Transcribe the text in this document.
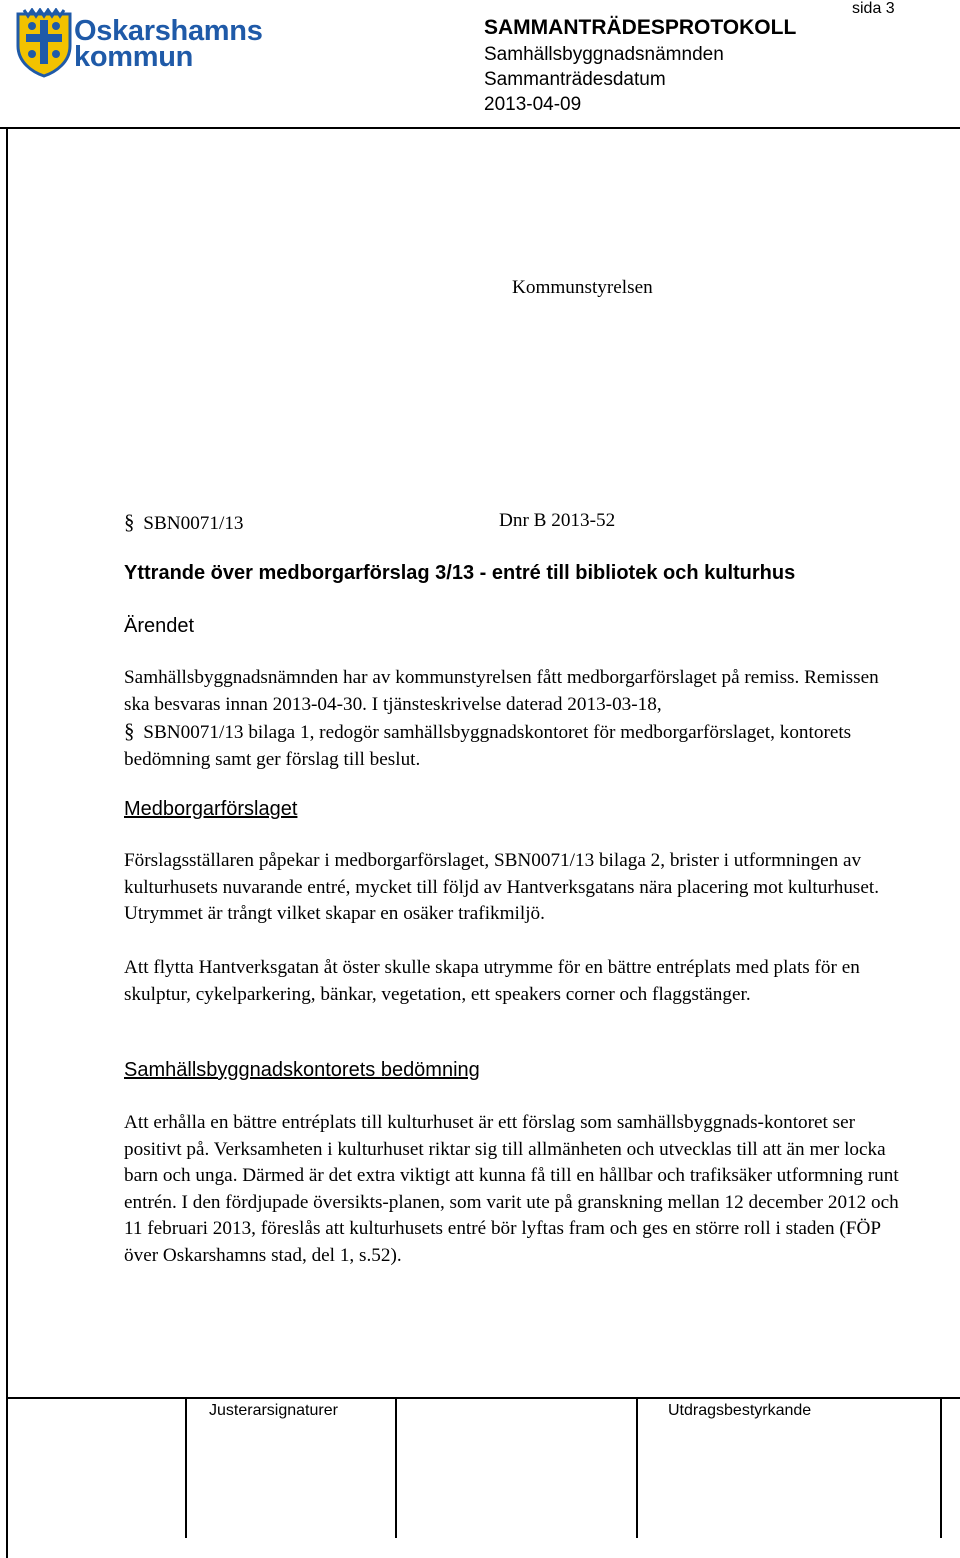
Oskarshamns
kommun
SAMMANTRÄDESPROTOKOLL
Samhällsbyggnadsnämnden
Sammanträdesdatum
2013-04-09
sida 3
Kommunstyrelsen
§ SBN0071/13	Dnr B 2013-52
Yttrande över medborgarförslag 3/13 - entré till bibliotek och kulturhus
Ärendet
Samhällsbyggnadsnämnden har av kommunstyrelsen fått medborgarförslaget på remiss. Remissen ska besvaras innan 2013-04-30. I tjänsteskrivelse daterad 2013-03-18,
§ SBN0071/13 bilaga 1, redogör samhällsbyggnadskontoret för medborgarförslaget, kontorets bedömning samt ger förslag till beslut.
Medborgarförslaget
Förslagsställaren påpekar i medborgarförslaget, SBN0071/13 bilaga 2, brister i utformningen av kulturhusets nuvarande entré, mycket till följd av Hantverksgatans nära placering mot kulturhuset. Utrymmet är trångt vilket skapar en osäker trafikmiljö.
Att flytta Hantverksgatan åt öster skulle skapa utrymme för en bättre entréplats med plats för en skulptur, cykelparkering, bänkar, vegetation, ett speakers corner och flaggstänger.
Samhällsbyggnadskontorets bedömning
Att erhålla en bättre entréplats till kulturhuset är ett förslag som samhällsbyggnads-kontoret ser positivt på. Verksamheten i kulturhuset riktar sig till allmänheten och utvecklas till att än mer locka barn och unga. Därmed är det extra viktigt att kunna få till en hållbar och trafiksäker utformning runt entrén. I den fördjupade översikts-planen, som varit ute på granskning mellan 12 december 2012 och 11 februari 2013, föreslås att kulturhusets entré bör lyftas fram och ges en större roll i staden (FÖP över Oskarshamns stad, del 1, s.52).
Justerarsignaturer	Utdragsbestyrkande
